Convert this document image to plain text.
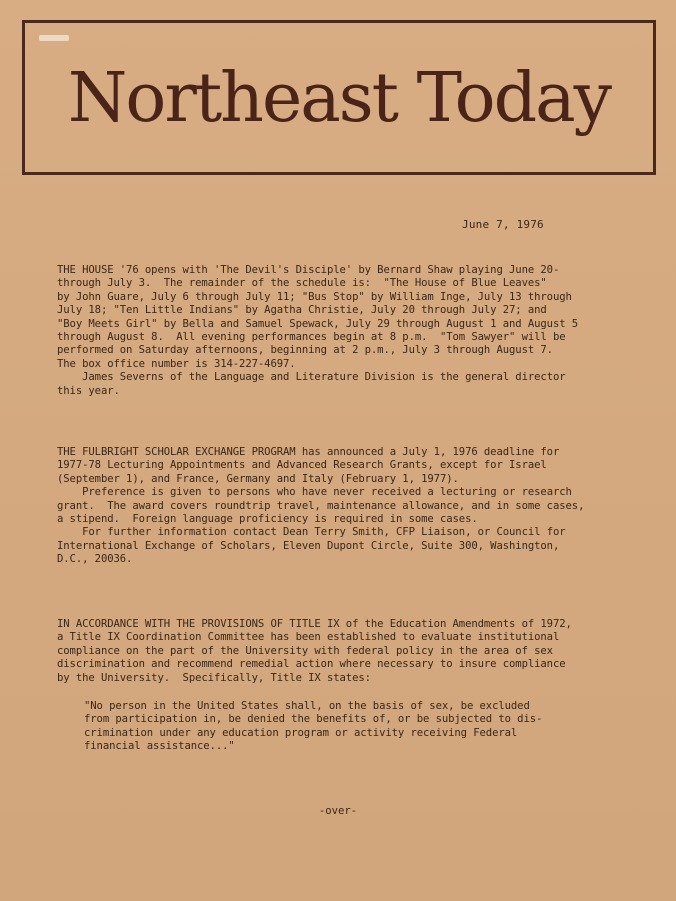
Northeast Today
June 7, 1976
THE HOUSE '76 opens with 'The Devil's Disciple' by Bernard Shaw playing June 20-
through July 3.  The remainder of the schedule is:  "The House of Blue Leaves"
by John Guare, July 6 through July 11; "Bus Stop" by William Inge, July 13 through
July 18; "Ten Little Indians" by Agatha Christie, July 20 through July 27; and
"Boy Meets Girl" by Bella and Samuel Spewack, July 29 through August 1 and August 5
through August 8.  All evening performances begin at 8 p.m.  "Tom Sawyer" will be
performed on Saturday afternoons, beginning at 2 p.m., July 3 through August 7.
The box office number is 314-227-4697.
James Severns of the Language and Literature Division is the general director
this year.
THE FULBRIGHT SCHOLAR EXCHANGE PROGRAM has announced a July 1, 1976 deadline for
1977-78 Lecturing Appointments and Advanced Research Grants, except for Israel
(September 1), and France, Germany and Italy (February 1, 1977).
Preference is given to persons who have never received a lecturing or research
grant.  The award covers roundtrip travel, maintenance allowance, and in some cases,
a stipend.  Foreign language proficiency is required in some cases.
For further information contact Dean Terry Smith, CFP Liaison, or Council for
International Exchange of Scholars, Eleven Dupont Circle, Suite 300, Washington,
D.C., 20036.
IN ACCORDANCE WITH THE PROVISIONS OF TITLE IX of the Education Amendments of 1972,
a Title IX Coordination Committee has been established to evaluate institutional
compliance on the part of the University with federal policy in the area of sex
discrimination and recommend remedial action where necessary to insure compliance
by the University.  Specifically, Title IX states:
"No person in the United States shall, on the basis of sex, be excluded
from participation in, be denied the benefits of, or be subjected to dis-
crimination under any education program or activity receiving Federal
financial assistance..."
-over-
